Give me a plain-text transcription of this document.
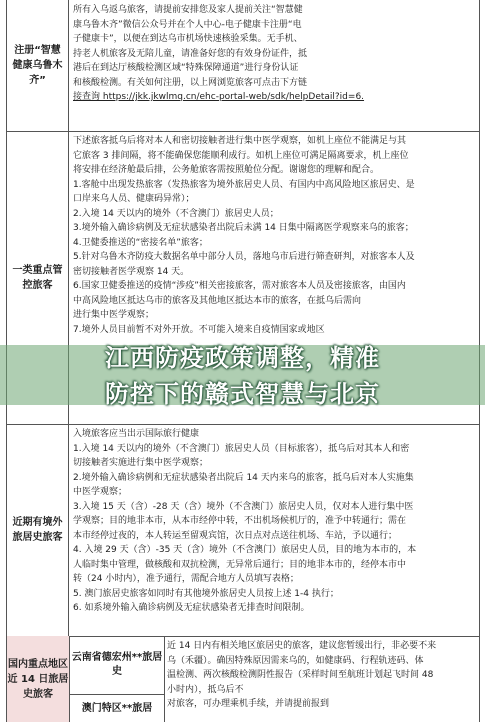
注册“智慧健康乌鲁木齐”
所有入乌返乌旅客，请提前安排您及家人提前关注“智慧健
康乌鲁木齐”微信公众号并在个人中心-电子健康卡注册“电
子健康卡”，以便在到达乌市机场快速核验采集。无手机、
持老人机旅客及无陪儿童，请准备好您的有效身份证件，抵
港后在到达厅核酸检测区域“特殊保障通道”进行身份认证
和核酸检测。有关如何注册，以上网浏览旅客可点击下方链
接查询 https://jkk.jkwlmq.cn/ehc-portal-web/sdk/helpDetail?id=6.
一类重点管控旅客
下述旅客抵乌后将对本人和密切接触者进行集中医学观察，如机上座位不能满足与其
它旅客 3 排间隔，将不能确保您能顺利成行。如机上座位可满足隔离要求，机上座位
将安排在经济舱最后排，公务舱旅客需按照舱位分配。谢谢您的理解和配合。
1.客舱中出现发热旅客（发热旅客为境外旅居史人员、有国内中高风险地区旅居史、是
口岸来乌人员、健康码异常）；
2.入境 14 天以内的境外（不含澳门）旅居史人员；
3.境外输入确诊病例及无症状感染者出院后未满 14 日集中隔离医学观察来乌的旅客；
4.卫健委推送的“密接名单”旅客；
5.针对乌鲁木齐防疫大数据名单中部分人员，落地乌市后进行筛查研判，对旅客本人及
密切接触者医学观察 14 天。
6.国家卫健委推送的疫情“涉疫”相关密接旅客，需对旅客本人员及密接旅客，由国内
中高风险地区抵达乌市的旅客及其他地区抵达本市的旅客，在抵乌后需向
进行集中医学观察；
7.境外人员目前暂不对外开放。不可能入境来自疫情国家或地区
近期有境外旅居史旅客
入境旅客应当出示国际旅行健康
1.入境 14 天以内的境外（不含澳门）旅居史人员（目标旅客），抵乌后对其本人和密
切接触者实施进行集中医学观察；
2.境外输入确诊病例和无症状感染者出院后 14 天内来乌的旅客，抵乌后对本人实施集
中医学观察；
3.入境 15 天（含）-28 天（含）境外（不含澳门）旅居史人员，仅对本人进行集中医
学观察；目的地非本市，从本市经停中转，不出机场候机厅的，准予中转通行；需在
本市经停过夜的，本人转运至留观宾馆，次日点对点送往机场、车站，予以通行；
4. 入境 29 天（含）-35 天（含）境外（不含澳门）旅居史人员，目的地为本市的，本
人临时集中管理，做核酸和双抗检测，无异常后通行；目的地非本市的，经停本市中
转（24 小时内），准予通行，需配合地方人员填写表格；
5. 澳门旅居史旅客如同时有其他境外旅居史人员按上述 1-4 执行；
6. 如系境外输入确诊病例及无症状感染者无排查时间限制。
国内重点地区近 14 日旅居史旅客
云南省德宏州**旅居史
澳门特区**旅居
近 14 日内有相关地区旅居史的旅客，建议您暂缓出行，非必要不来
乌（禾疆）。确因特殊原因需来乌的，如健康码、行程轨迹码、体
温检测、两次核酸检测阴性报告（采样时间至航班计划起飞时间 48
小时内），抵乌后不
对旅客，可办理乘机手续，并请提前报到
江西防疫政策调整，精准
防控下的赣式智慧与北京
